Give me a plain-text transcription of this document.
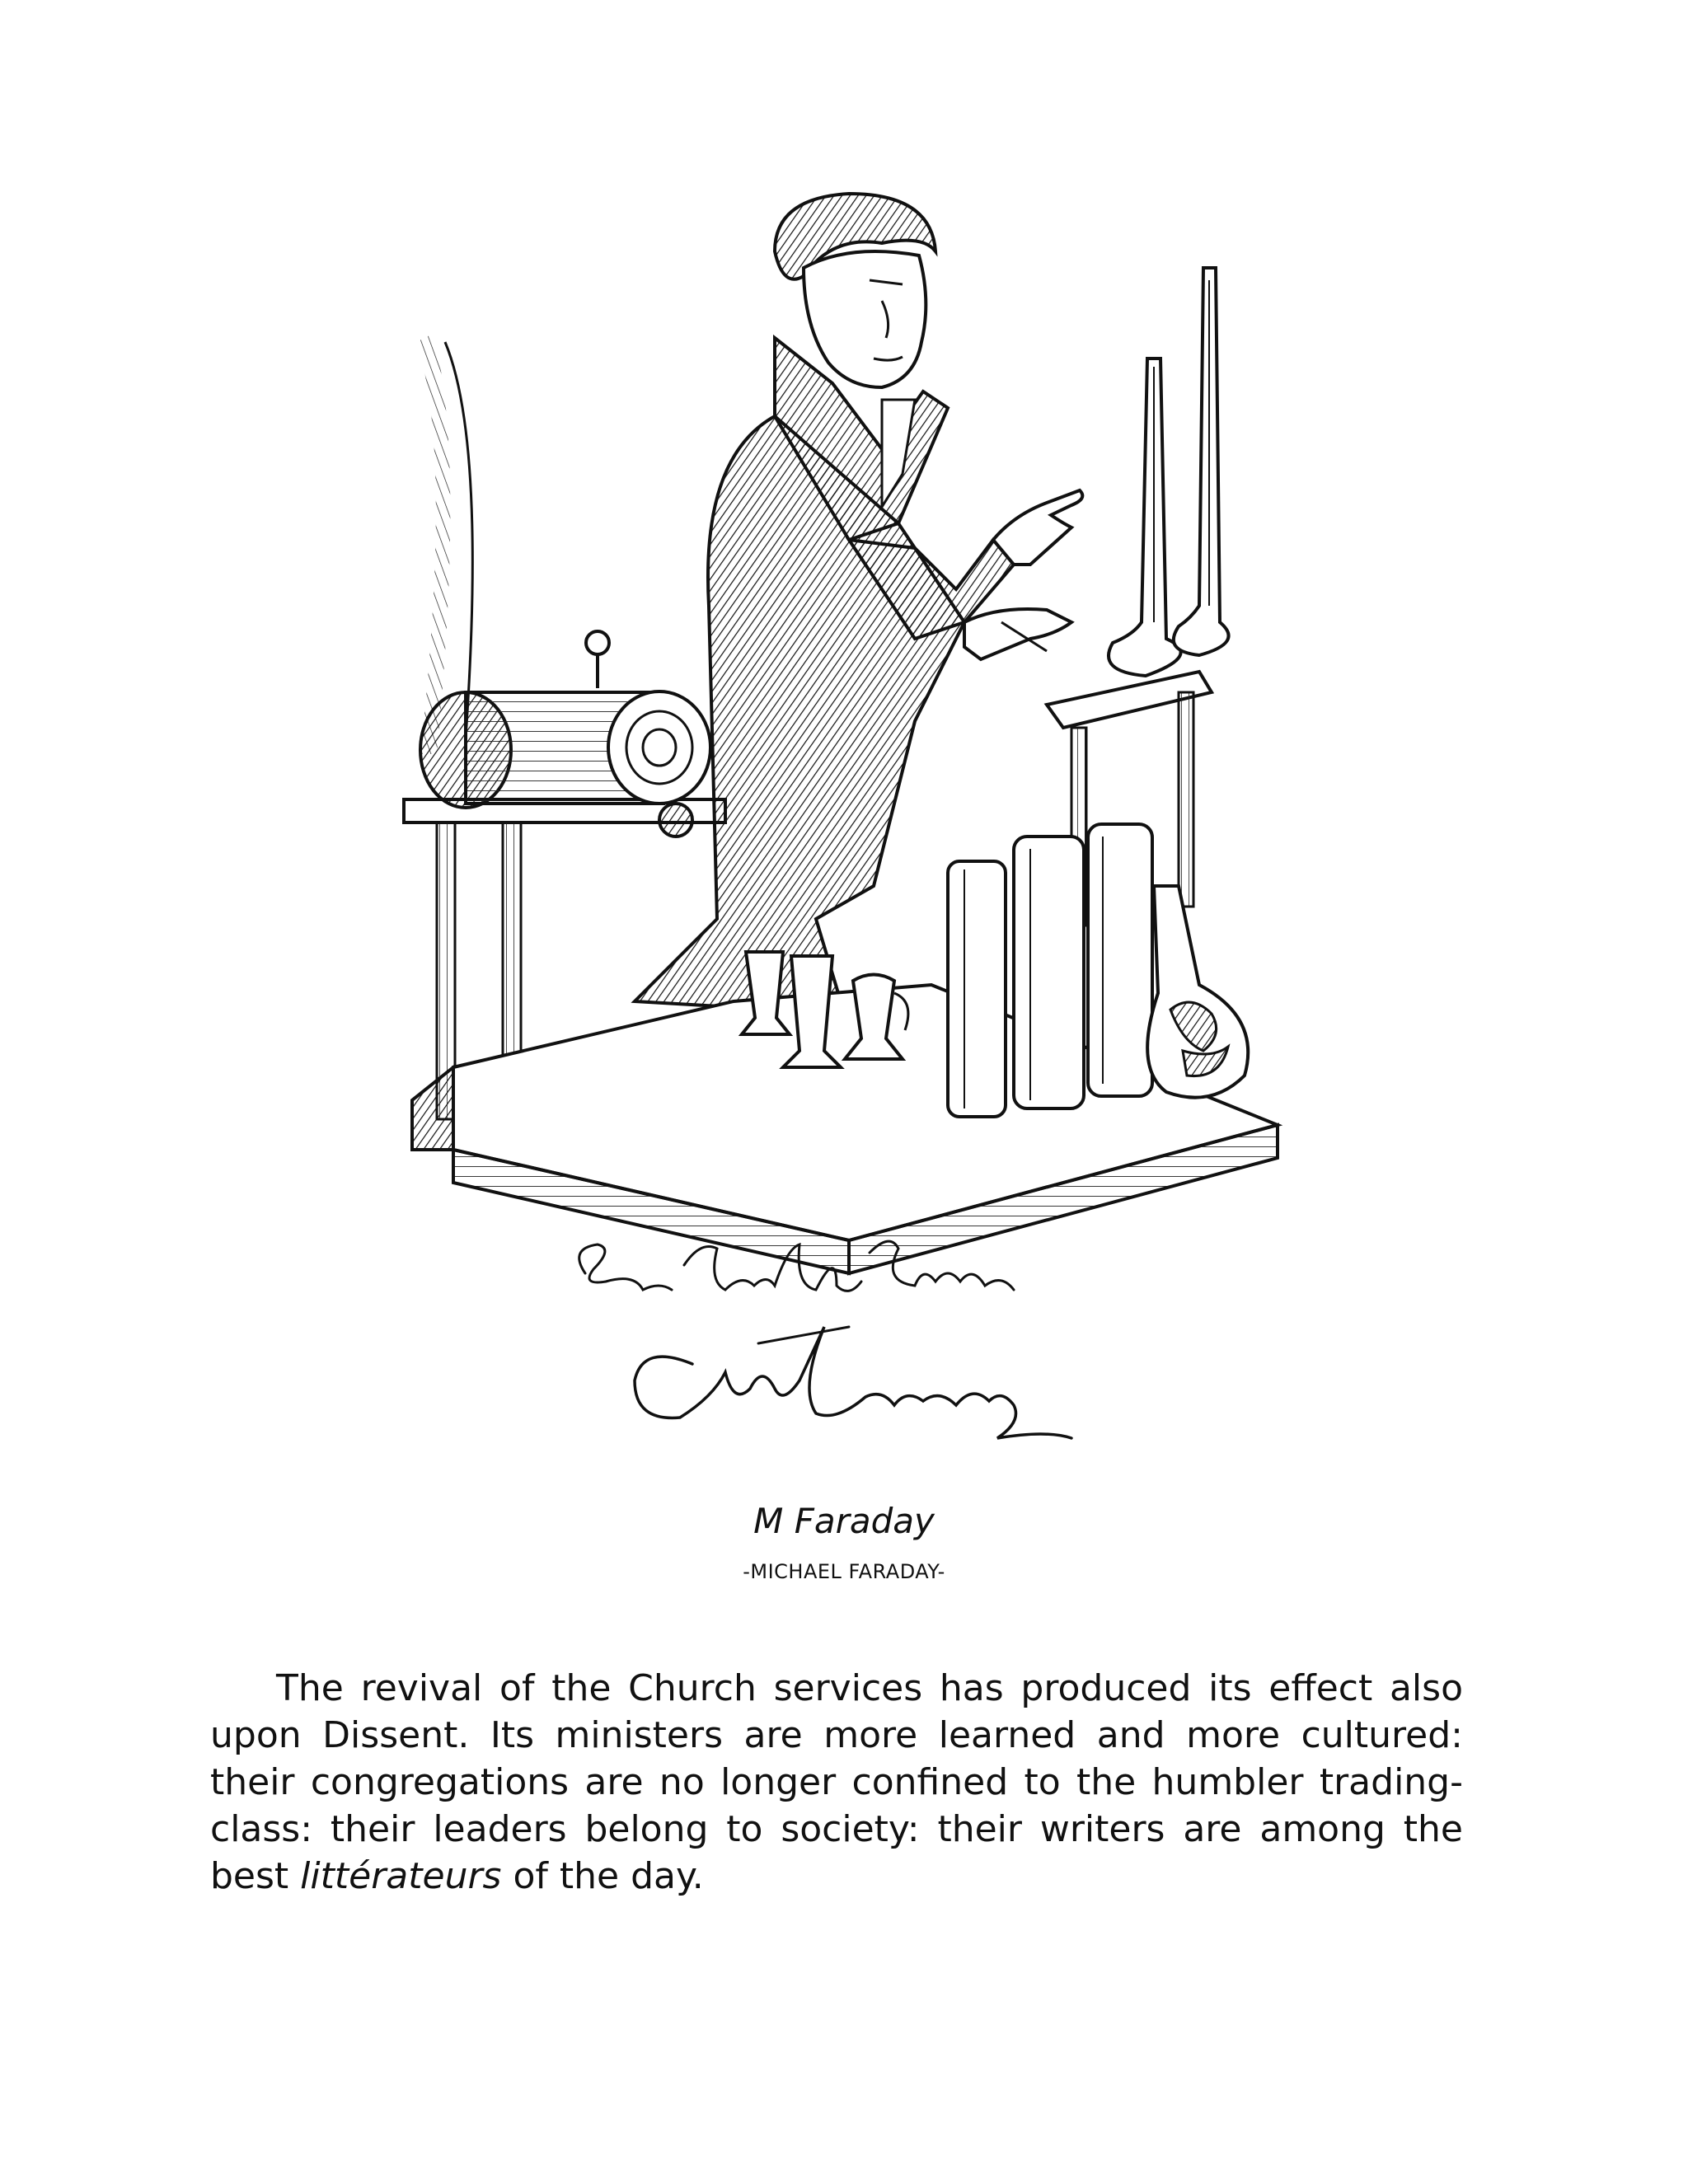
M Faraday
-MICHAEL FARADAY-

The revival of the Church services has produced its effect also upon Dissent. Its ministers are more learned and more cultured: their congregations are no longer confined to the humbler trading-class: their leaders belong to society: their writers are among the best littérateurs of the day.
